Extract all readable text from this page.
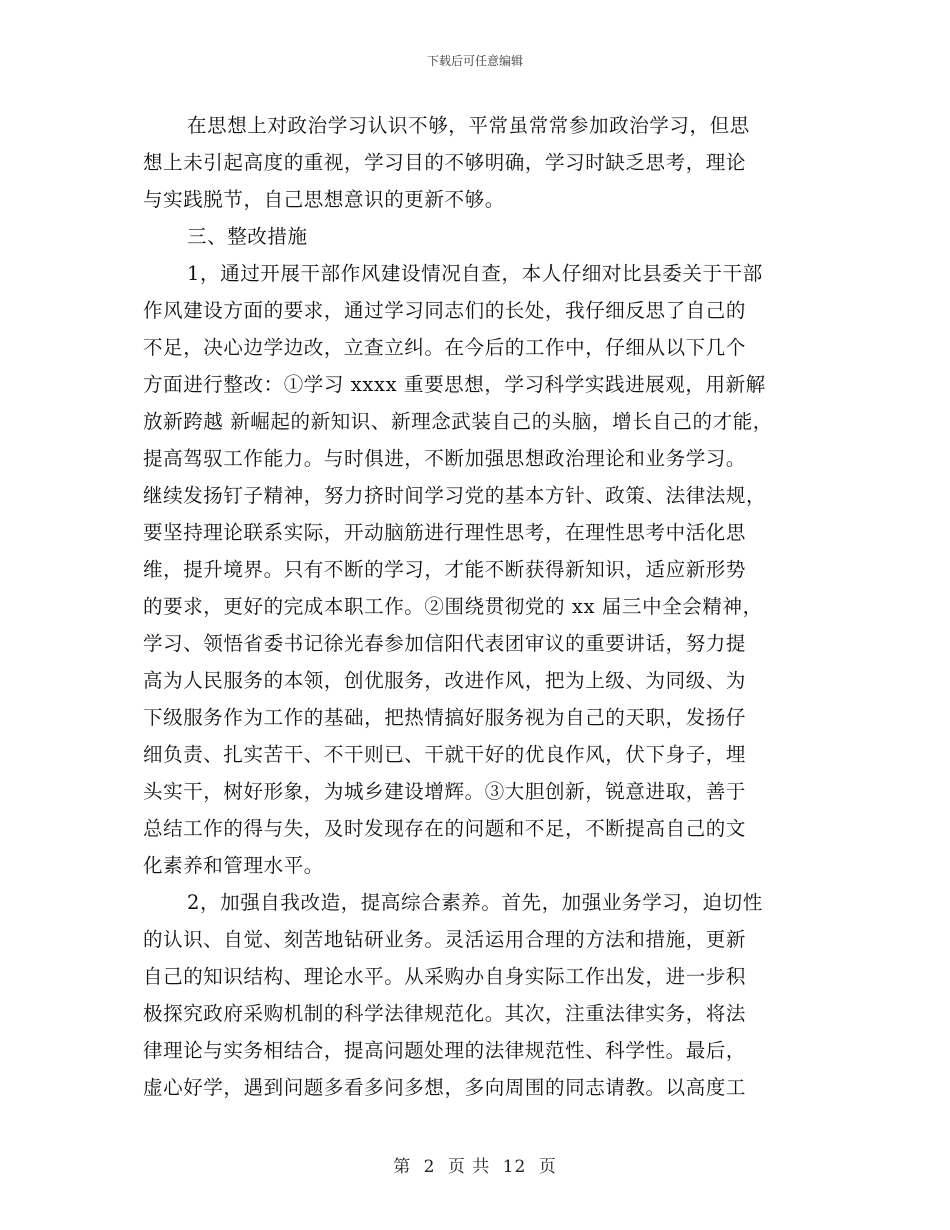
下载后可任意编辑
在思想上对政治学习认识不够，平常虽常常参加政治学习，但思
想上未引起高度的重视，学习目的不够明确，学习时缺乏思考，理论
与实践脱节，自己思想意识的更新不够。
三、整改措施
1，通过开展干部作风建设情况自查，本人仔细对比县委关于干部
作风建设方面的要求，通过学习同志们的长处，我仔细反思了自己的
不足，决心边学边改，立查立纠。在今后的工作中，仔细从以下几个
方面进行整改：①学习 xxxx 重要思想，学习科学实践进展观，用新解
放新跨越 新崛起的新知识、新理念武装自己的头脑，增长自己的才能，
提高驾驭工作能力。与时俱进，不断加强思想政治理论和业务学习。
继续发扬钉子精神，努力挤时间学习党的基本方针、政策、法律法规，
要坚持理论联系实际，开动脑筋进行理性思考，在理性思考中活化思
维，提升境界。只有不断的学习，才能不断获得新知识，适应新形势
的要求，更好的完成本职工作。②围绕贯彻党的 xx 届三中全会精神，
学习、领悟省委书记徐光春参加信阳代表团审议的重要讲话，努力提
高为人民服务的本领，创优服务，改进作风，把为上级、为同级、为
下级服务作为工作的基础，把热情搞好服务视为自己的天职，发扬仔
细负责、扎实苦干、不干则已、干就干好的优良作风，伏下身子，埋
头实干，树好形象，为城乡建设增辉。③大胆创新，锐意进取，善于
总结工作的得与失，及时发现存在的问题和不足，不断提高自己的文
化素养和管理水平。
2，加强自我改造，提高综合素养。首先，加强业务学习，迫切性
的认识、自觉、刻苦地钻研业务。灵活运用合理的方法和措施，更新
自己的知识结构、理论水平。从采购办自身实际工作出发，进一步积
极探究政府采购机制的科学法律规范化。其次，注重法律实务，将法
律理论与实务相结合，提高问题处理的法律规范性、科学性。最后，
虚心好学，遇到问题多看多问多想，多向周围的同志请教。以高度工
第 2 页 共 12 页
